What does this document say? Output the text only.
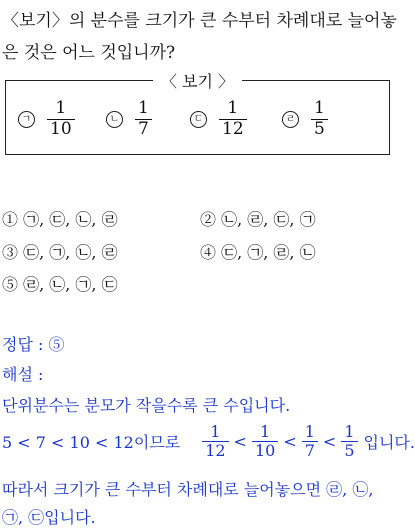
〈보기〉의 분수를 크기가 큰 수부터 차례대로 늘어놓
은 것은 어느 것입니까?
〈 보기 〉
ㄱ $\frac{1}{10}$	ㄴ $\frac{1}{7}$	ㄷ $\frac{1}{12}$	ㄹ $\frac{1}{5}$
① ㉠, ㉢, ㉡, ㉣	② ㉡, ㉣, ㉢, ㉠
③ ㉢, ㉠, ㉡, ㉣	④ ㉢, ㉠, ㉣, ㉡
⑤ ㉣, ㉡, ㉠, ㉢
정답 : ⑤
해설 :
단위분수는 분모가 작을수록 큰 수입니다.
5 < 7 < 10 < 12이므로 $\frac{1}{12} < \frac{1}{10} < \frac{1}{7} < \frac{1}{5}$ 입니다.
따라서 크기가 큰 수부터 차례대로 늘어놓으면 ㉣, ㉡,
㉠, ㉢입니다.
